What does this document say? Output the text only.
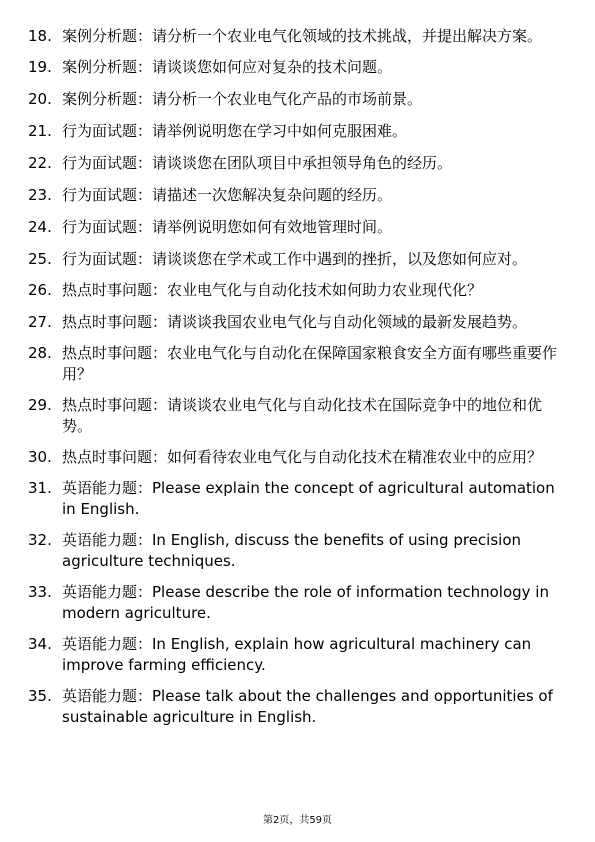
18. 案例分析题：请分析一个农业电气化领域的技术挑战，并提出解决方案。
19. 案例分析题：请谈谈您如何应对复杂的技术问题。
20. 案例分析题：请分析一个农业电气化产品的市场前景。
21. 行为面试题：请举例说明您在学习中如何克服困难。
22. 行为面试题：请谈谈您在团队项目中承担领导角色的经历。
23. 行为面试题：请描述一次您解决复杂问题的经历。
24. 行为面试题：请举例说明您如何有效地管理时间。
25. 行为面试题：请谈谈您在学术或工作中遇到的挫折，以及您如何应对。
26. 热点时事问题：农业电气化与自动化技术如何助力农业现代化？
27. 热点时事问题：请谈谈我国农业电气化与自动化领域的最新发展趋势。
28. 热点时事问题：农业电气化与自动化在保障国家粮食安全方面有哪些重要作用？
29. 热点时事问题：请谈谈农业电气化与自动化技术在国际竞争中的地位和优势。
30. 热点时事问题：如何看待农业电气化与自动化技术在精准农业中的应用？
31. 英语能力题：Please explain the concept of agricultural automation in English.
32. 英语能力题：In English, discuss the benefits of using precision agriculture techniques.
33. 英语能力题：Please describe the role of information technology in modern agriculture.
34. 英语能力题：In English, explain how agricultural machinery can improve farming efficiency.
35. 英语能力题：Please talk about the challenges and opportunities of sustainable agriculture in English.
第2页，共59页
